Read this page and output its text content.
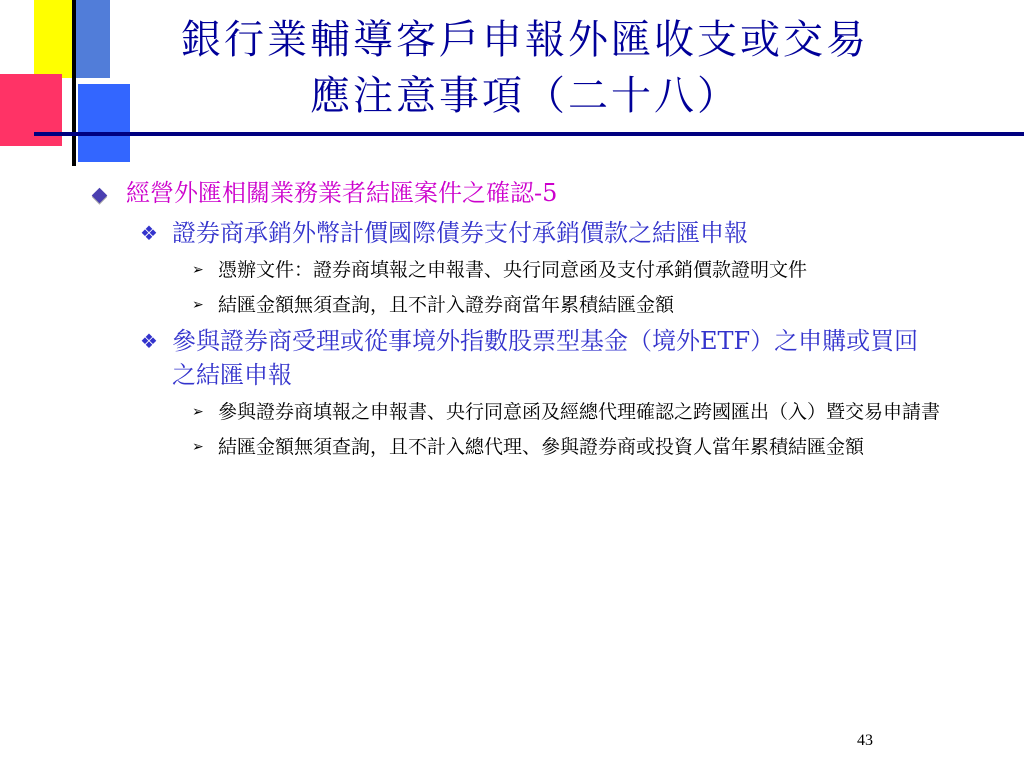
銀行業輔導客戶申報外匯收支或交易
應注意事項（二十八）
經營外匯相關業務業者結匯案件之確認-5
❖ 證券商承銷外幣計價國際債券支付承銷價款之結匯申報
➢ 憑辦文件：證券商填報之申報書、央行同意函及支付承銷價款證明文件
➢ 結匯金額無須查詢，且不計入證券商當年累積結匯金額
❖ 參與證券商受理或從事境外指數股票型基金（境外ETF）之申購或買回之結匯申報
➢ 參與證券商填報之申報書、央行同意函及經總代理確認之跨國匯出（入）暨交易申請書
➢ 結匯金額無須查詢，且不計入總代理、參與證券商或投資人當年累積結匯金額
43
